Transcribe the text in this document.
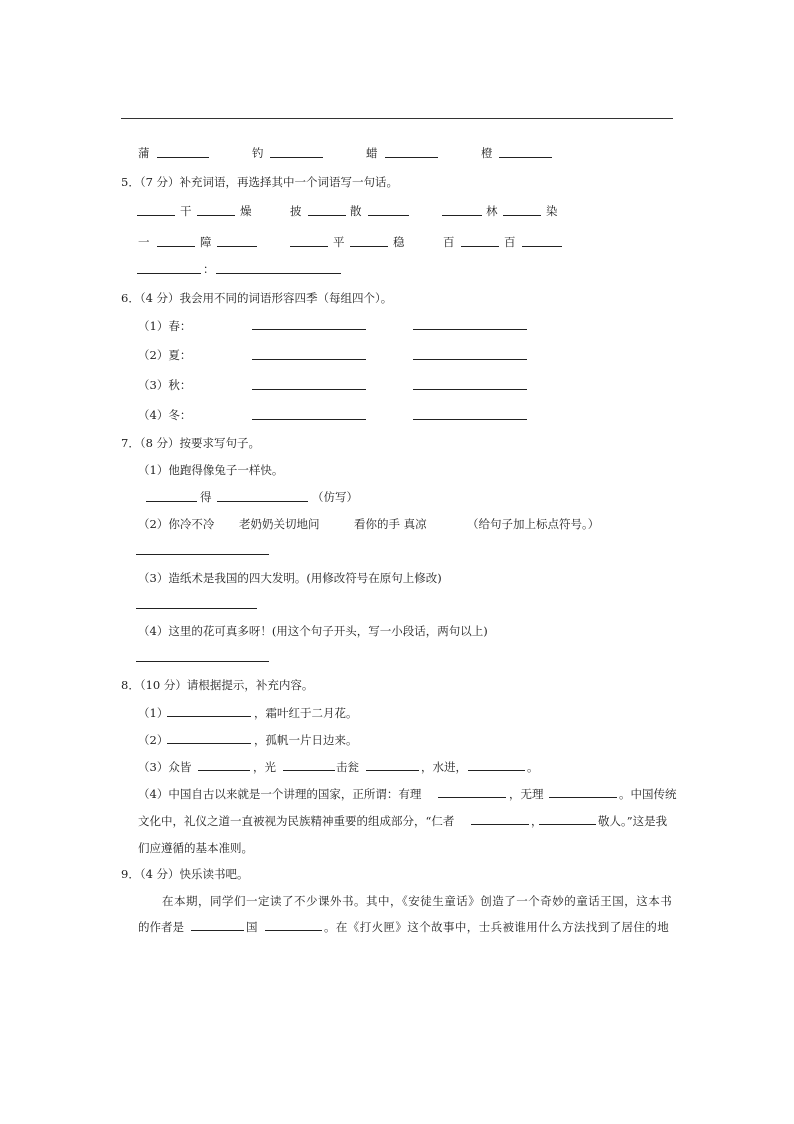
蒲	钓	蜡	橙
5．（7 分）补充词语，再选择其中一个词语写一句话。
干	燥	披	散	林	染
一	障	平	稳	百	百
：
6．（4 分）我会用不同的词语形容四季（每组四个）。
（1）春：
（2）夏：
（3）秋：
（4）冬：
7．（8 分）按要求写句子。
（1）他跑得像兔子一样快。
得	（仿写）
（2）你冷不冷 老奶奶关切地问	看你的手 真凉	（给句子加上标点符号。）
（3）造纸术是我国的四大发明。(用修改符号在原句上修改)
（4）这里的花可真多呀！(用这个句子开头，写一小段话，两句以上)
8．（10 分）请根据提示，补充内容。
（1）	，霜叶红于二月花。
（2）	，孤帆一片日边来。
（3）众皆	，光	击瓮	，水进，	。
（4）中国自古以来就是一个讲理的国家，正所谓：有理	，无理	。中国传统
文化中，礼仪之道一直被视为民族精神重要的组成部分，“仁者	，	敬人。”这是我
们应遵循的基本准则。
9．（4 分）快乐读书吧。
在本期，同学们一定读了不少课外书。其中，《安徒生童话》创造了一个奇妙的童话王国，这本书
的作者是	国	。在《打火匣》这个故事中，士兵被谁用什么方法找到了居住的地
